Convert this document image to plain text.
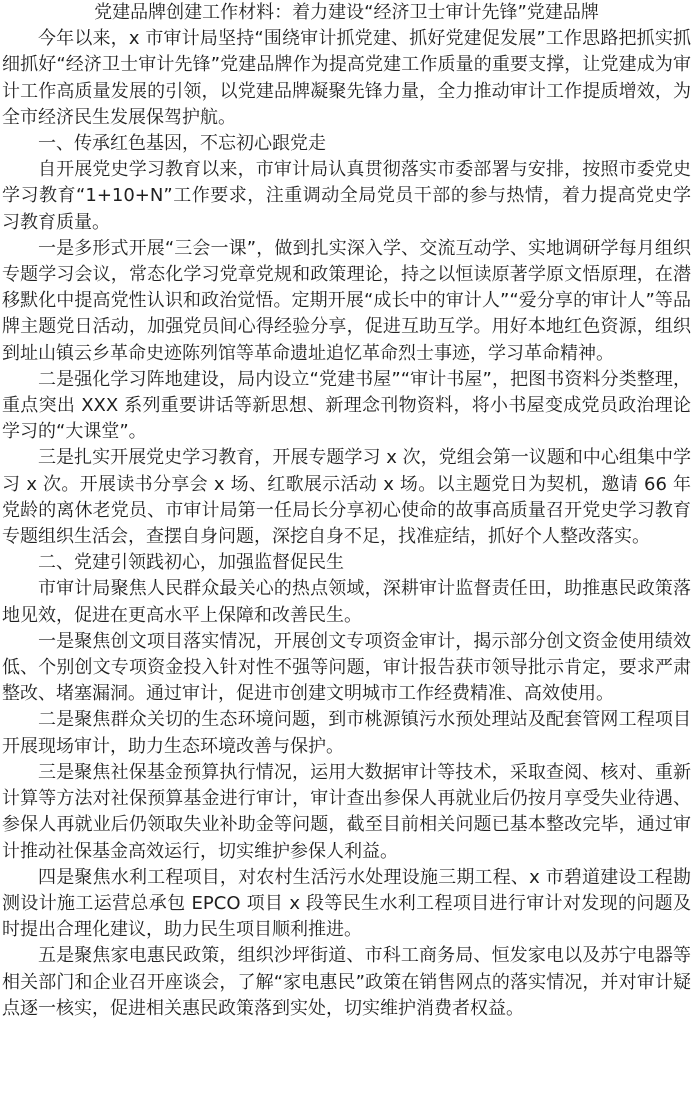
党建品牌创建工作材料：着力建设“经济卫士审计先锋”党建品牌

今年以来，x 市审计局坚持“围绕审计抓党建、抓好党建促发展”工作思路把抓实抓细抓好“经济卫士审计先锋”党建品牌作为提高党建工作质量的重要支撑，让党建成为审计工作高质量发展的引领，以党建品牌凝聚先锋力量，全力推动审计工作提质增效，为全市经济民生发展保驾护航。

一、传承红色基因，不忘初心跟党走

自开展党史学习教育以来，市审计局认真贯彻落实市委部署与安排，按照市委党史学习教育“1+10+N”工作要求，注重调动全局党员干部的参与热情，着力提高党史学习教育质量。

一是多形式开展“三会一课”，做到扎实深入学、交流互动学、实地调研学每月组织专题学习会议，常态化学习党章党规和政策理论，持之以恒读原著学原文悟原理，在潜移默化中提高党性认识和政治觉悟。定期开展“成长中的审计人”“爱分享的审计人”等品牌主题党日活动，加强党员间心得经验分享，促进互助互学。用好本地红色资源，组织到址山镇云乡革命史迹陈列馆等革命遗址追忆革命烈士事迹，学习革命精神。

二是强化学习阵地建设，局内设立“党建书屋”“审计书屋”，把图书资料分类整理，重点突出 XXX 系列重要讲话等新思想、新理念刊物资料，将小书屋变成党员政治理论学习的“大课堂”。

三是扎实开展党史学习教育，开展专题学习 x 次，党组会第一议题和中心组集中学习 x 次。开展读书分享会 x 场、红歌展示活动 x 场。以主题党日为契机，邀请 66 年党龄的离休老党员、市审计局第一任局长分享初心使命的故事高质量召开党史学习教育专题组织生活会，查摆自身问题，深挖自身不足，找准症结，抓好个人整改落实。

二、党建引领践初心，加强监督促民生

市审计局聚焦人民群众最关心的热点领域，深耕审计监督责任田，助推惠民政策落地见效，促进在更高水平上保障和改善民生。

一是聚焦创文项目落实情况，开展创文专项资金审计，揭示部分创文资金使用绩效低、个别创文专项资金投入针对性不强等问题，审计报告获市领导批示肯定，要求严肃整改、堵塞漏洞。通过审计，促进市创建文明城市工作经费精准、高效使用。

二是聚焦群众关切的生态环境问题，到市桃源镇污水预处理站及配套管网工程项目开展现场审计，助力生态环境改善与保护。

三是聚焦社保基金预算执行情况，运用大数据审计等技术，采取查阅、核对、重新计算等方法对社保预算基金进行审计，审计查出参保人再就业后仍按月享受失业待遇、参保人再就业后仍领取失业补助金等问题，截至目前相关问题已基本整改完毕，通过审计推动社保基金高效运行，切实维护参保人利益。

四是聚焦水利工程项目，对农村生活污水处理设施三期工程、x 市碧道建设工程勘测设计施工运营总承包 EPCO 项目 x 段等民生水利工程项目进行审计对发现的问题及时提出合理化建议，助力民生项目顺利推进。

五是聚焦家电惠民政策，组织沙坪街道、市科工商务局、恒发家电以及苏宁电器等相关部门和企业召开座谈会，了解“家电惠民”政策在销售网点的落实情况，并对审计疑点逐一核实，促进相关惠民政策落到实处，切实维护消费者权益。
